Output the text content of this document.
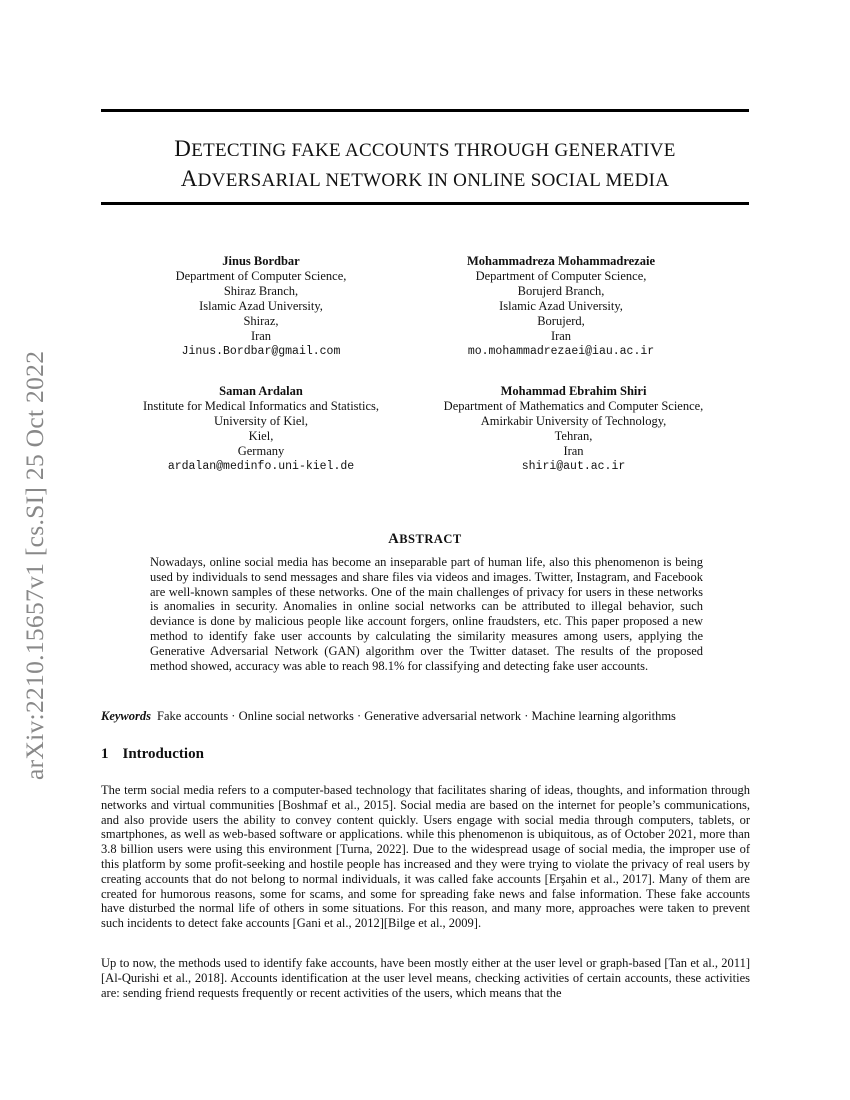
arXiv:2210.15657v1 [cs.SI] 25 Oct 2022
DETECTING FAKE ACCOUNTS THROUGH GENERATIVE
ADVERSARIAL NETWORK IN ONLINE SOCIAL MEDIA
Jinus Bordbar
Department of Computer Science,
Shiraz Branch,
Islamic Azad University,
Shiraz,
Iran
Jinus.Bordbar@gmail.com
Mohammadreza Mohammadrezaie
Department of Computer Science,
Borujerd Branch,
Islamic Azad University,
Borujerd,
Iran
mo.mohammadrezaei@iau.ac.ir
Saman Ardalan
Institute for Medical Informatics and Statistics,
University of Kiel,
Kiel,
Germany
ardalan@medinfo.uni-kiel.de
Mohammad Ebrahim Shiri
Department of Mathematics and Computer Science,
Amirkabir University of Technology,
Tehran,
Iran
shiri@aut.ac.ir
ABSTRACT
Nowadays, online social media has become an inseparable part of human life, also this phenomenon is being used by individuals to send messages and share files via videos and images. Twitter, Instagram, and Facebook are well-known samples of these networks. One of the main challenges of privacy for users in these networks is anomalies in security. Anomalies in online social networks can be attributed to illegal behavior, such deviance is done by malicious people like account forgers, online fraudsters, etc. This paper proposed a new method to identify fake user accounts by calculating the similarity measures among users, applying the Generative Adversarial Network (GAN) algorithm over the Twitter dataset. The results of the proposed method showed, accuracy was able to reach 98.1% for classifying and detecting fake user accounts.
Keywords Fake accounts · Online social networks · Generative adversarial network · Machine learning algorithms
1 Introduction
The term social media refers to a computer-based technology that facilitates sharing of ideas, thoughts, and information through networks and virtual communities [Boshmaf et al., 2015]. Social media are based on the internet for people’s communications, and also provide users the ability to convey content quickly. Users engage with social media through computers, tablets, or smartphones, as well as web-based software or applications. while this phenomenon is ubiquitous, as of October 2021, more than 3.8 billion users were using this environment [Turna, 2022]. Due to the widespread usage of social media, the improper use of this platform by some profit-seeking and hostile people has increased and they were trying to violate the privacy of real users by creating accounts that do not belong to normal individuals, it was called fake accounts [Erşahin et al., 2017]. Many of them are created for humorous reasons, some for scams, and some for spreading fake news and false information. These fake accounts have disturbed the normal life of others in some situations. For this reason, and many more, approaches were taken to prevent such incidents to detect fake accounts [Gani et al., 2012][Bilge et al., 2009].
Up to now, the methods used to identify fake accounts, have been mostly either at the user level or graph-based [Tan et al., 2011][Al-Qurishi et al., 2018]. Accounts identification at the user level means, checking activities of certain accounts, these activities are: sending friend requests frequently or recent activities of the users, which means that the
